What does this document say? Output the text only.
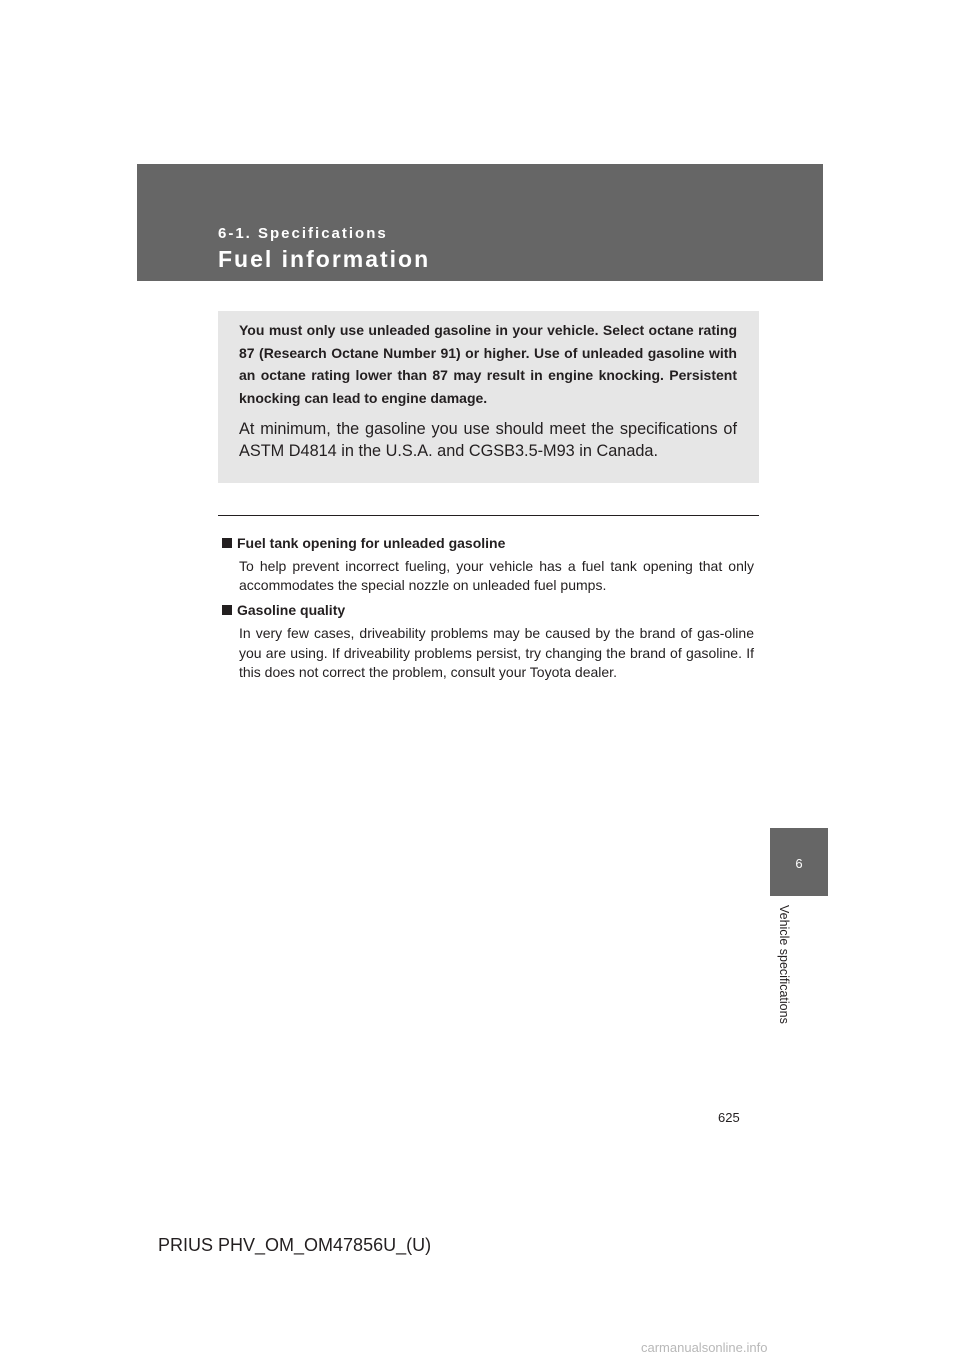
6-1. Specifications
Fuel information

You must only use unleaded gasoline in your vehicle. Select octane rating 87 (Research Octane Number 91) or higher. Use of unleaded gasoline with an octane rating lower than 87 may result in engine knocking. Persistent knocking can lead to engine damage.

At minimum, the gasoline you use should meet the specifications of ASTM D4814 in the U.S.A. and CGSB3.5-M93 in Canada.

Fuel tank opening for unleaded gasoline

To help prevent incorrect fueling, your vehicle has a fuel tank opening that only accommodates the special nozzle on unleaded fuel pumps.

Gasoline quality

In very few cases, driveability problems may be caused by the brand of gas-oline you are using. If driveability problems persist, try changing the brand of gasoline. If this does not correct the problem, consult your Toyota dealer.

6
Vehicle specifications
625
PRIUS PHV_OM_OM47856U_(U)
carmanualsonline.info
